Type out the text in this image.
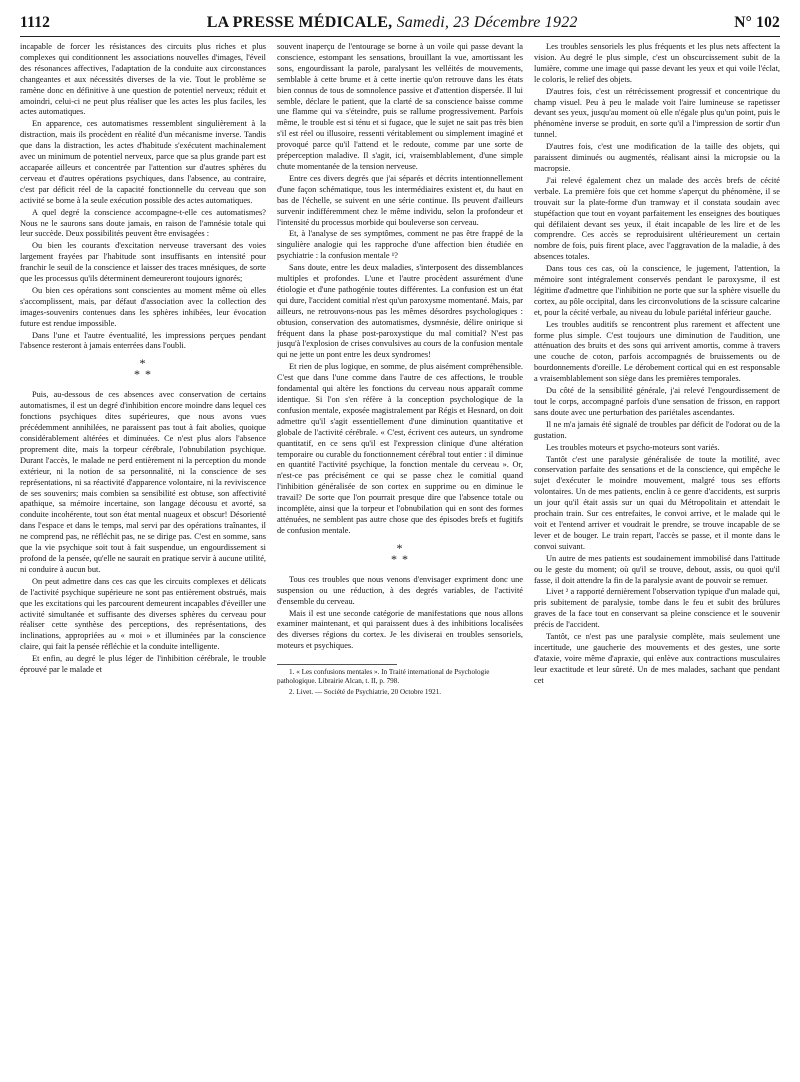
1112	LA PRESSE MÉDICALE, Samedi, 23 Décembre 1922	N° 102

incapable de forcer les résistances des circuits plus riches et plus complexes qui conditionnent les associations nouvelles d'images, l'éveil des résonances affectives, l'adaptation de la conduite aux circonstances changeantes et aux nécessités diverses de la vie. Tout le problème se ramène donc en définitive à une question de potentiel nerveux; réduit et amoindri, celui-ci ne peut plus réaliser que les actes les plus faciles, les actes automatiques.

En apparence, ces automatismes ressemblent singulièrement à la distraction, mais ils procèdent en réalité d'un mécanisme inverse. Tandis que dans la distraction, les actes d'habitude s'exécutent machinalement avec un minimum de potentiel nerveux, parce que sa plus grande part est accaparée ailleurs et concentrée par l'attention sur d'autres sphères du cerveau et d'autres opérations psychiques, dans l'absence, au contraire, c'est par déficit réel de la capacité fonctionnelle du cerveau que son activité se borne à la seule exécution possible des actes automatiques.

A quel degré la conscience accompagne-t-elle ces automatismes? Nous ne le saurons sans doute jamais, en raison de l'amnésie totale qui leur succède. Deux possibilités peuvent être envisagées :

Ou bien les courants d'excitation nerveuse traversant des voies largement frayées par l'habitude sont insuffisants en intensité pour franchir le seuil de la conscience et laisser des traces mnésiques, de sorte que les processus qu'ils déterminent demeureront toujours ignorés;

Ou bien ces opérations sont conscientes au moment même où elles s'accomplissent, mais, par défaut d'association avec la collection des images-souvenirs contenues dans les sphères inhibées, leur évocation future est rendue impossible.

Dans l'une et l'autre éventualité, les impressions perçues pendant l'absence resteront à jamais enterrées dans l'oubli.

*
* *

Puis, au-dessous de ces absences avec conservation de certains automatismes, il est un degré d'inhibition encore moindre dans lequel ces fonctions psychiques dites supérieures, que nous avons vues précédemment annihilées, ne paraissent pas tout à fait abolies, quoique considérablement altérées et diminuées. Ce n'est plus alors l'absence proprement dite, mais la torpeur cérébrale, l'obnubilation psychique. Durant l'accès, le malade ne perd entièrement ni la perception du monde extérieur, ni la notion de sa personnalité, ni la conscience de ses représentations, ni sa réactivité d'apparence volontaire, ni la reviviscence de ses souvenirs; mais combien sa sensibilité est obtuse, son affectivité apathique, sa mémoire incertaine, son langage décousu et avorté, sa conduite incohérente, tout son état mental nuageux et obscur! Désorienté dans l'espace et dans le temps, mal servi par des opérations traînantes, il ne comprend pas, ne réfléchit pas, ne se dirige pas. C'est en somme, sans que la vie psychique soit tout à fait suspendue, un engourdissement si profond de la pensée, qu'elle ne saurait en pratique servir à aucune utilité, ni conduire à aucun but.

On peut admettre dans ces cas que les circuits complexes et délicats de l'activité psychique supérieure ne sont pas entièrement obstrués, mais que les excitations qui les parcourent demeurent incapables d'éveiller une activité simultanée et suffisante des diverses sphères du cerveau pour réaliser cette synthèse des perceptions, des représentations, des inclinations, appropriées au « moi » et illuminées par la conscience claire, qui fait la pensée réfléchie et la conduite intelligente.

Et enfin, au degré le plus léger de l'inhibition cérébrale, le trouble éprouvé par le malade et

souvent inaperçu de l'entourage se borne à un voile qui passe devant la conscience, estompant les sensations, brouillant la vue, amortissant les sons, engourdissant la parole, paralysant les velléités de mouvements, semblable à cette brume et à cette inertie qu'on retrouve dans les états bien connus de tous de somnolence passive et d'attention dispersée. Il lui semble, déclare le patient, que la clarté de sa conscience baisse comme une flamme qui va s'éteindre, puis se rallume progressivement. Parfois même, le trouble est si ténu et si fugace, que le sujet ne sait pas très bien s'il est réel ou illusoire, ressenti véritablement ou simplement imaginé et provoqué parce qu'il l'attend et le redoute, comme par une sorte de préperception maladive. Il s'agit, ici, vraisemblablement, d'une simple chute momentanée de la tension nerveuse.

Entre ces divers degrés que j'ai séparés et décrits intentionnellement d'une façon schématique, tous les intermédiaires existent et, du haut en bas de l'échelle, se suivent en une série continue. Ils peuvent d'ailleurs survenir indifféremment chez le même individu, selon la profondeur et l'intensité du processus morbide qui bouleverse son cerveau.

Et, à l'analyse de ses symptômes, comment ne pas être frappé de la singulière analogie qui les rapproche d'une affection bien étudiée en psychiatrie : la confusion mentale ¹?

Sans doute, entre les deux maladies, s'interposent des dissemblances multiples et profondes. L'une et l'autre procèdent assurément d'une étiologie et d'une pathogénie toutes différentes. La confusion est un état qui dure, l'accident comitial n'est qu'un paroxysme momentané. Mais, par ailleurs, ne retrouvons-nous pas les mêmes désordres psychologiques : obtusion, conservation des automatismes, dysmnésie, délire onirique si fréquent dans la phase post-paroxystique du mal comitial? N'est pas jusqu'à l'explosion de crises convulsives au cours de la confusion mentale qui ne jette un pont entre les deux syndromes!

Et rien de plus logique, en somme, de plus aisément compréhensible. C'est que dans l'une comme dans l'autre de ces affections, le trouble fondamental qui altère les fonctions du cerveau nous apparaît comme identique. Si l'on s'en réfère à la conception psychologique de la confusion mentale, exposée magistralement par Régis et Hesnard, on doit admettre qu'il s'agit essentiellement d'une diminution quantitative et globale de l'activité cérébrale. « C'est, écrivent ces auteurs, un syndrome quantitatif, en ce sens qu'il est l'expression clinique d'une altération temporaire ou curable du fonctionnement cérébral tout entier : il diminue en quantité l'activité psychique, la fonction mentale du cerveau ». Or, n'est-ce pas précisément ce qui se passe chez le comitial quand l'inhibition généralisée de son cortex en supprime ou en diminue le travail? De sorte que l'on pourrait presque dire que l'absence totale ou incomplète, ainsi que la torpeur et l'obnubilation qui en sont des formes atténuées, ne semblent pas autre chose que des épisodes brefs et fugitifs de confusion mentale.

*
* *

Tous ces troubles que nous venons d'envisager expriment donc une suspension ou une réduction, à des degrés variables, de l'activité d'ensemble du cerveau.

Mais il est une seconde catégorie de manifestations que nous allons examiner maintenant, et qui paraissent dues à des inhibitions localisées des diverses régions du cortex. Je les diviserai en troubles sensoriels, moteurs et psychiques.

1. « Les confusions mentales ». In Traité international de Psychologie pathologique. Librairie Alcan, t. II, p. 798.

2. Livet. — Société de Psychiatrie, 20 Octobre 1921.

Les troubles sensoriels les plus fréquents et les plus nets affectent la vision. Au degré le plus simple, c'est un obscurcissement subit de la lumière, comme une image qui passe devant les yeux et qui voile l'éclat, le coloris, le relief des objets.

D'autres fois, c'est un rétrécissement progressif et concentrique du champ visuel. Peu à peu le malade voit l'aire lumineuse se rapetisser devant ses yeux, jusqu'au moment où elle n'égale plus qu'un point, puis le phénomène inverse se produit, en sorte qu'il a l'impression de sortir d'un tunnel.

D'autres fois, c'est une modification de la taille des objets, qui paraissent diminués ou augmentés, réalisant ainsi la micropsie ou la macropsie.

J'ai relevé également chez un malade des accès brefs de cécité verbale. La première fois que cet homme s'aperçut du phénomène, il se trouvait sur la plate-forme d'un tramway et il constata soudain avec stupéfaction que tout en voyant parfaitement les enseignes des boutiques qui défilaient devant ses yeux, il était incapable de les lire et de les comprendre. Ces accès se reproduisirent ultérieurement un certain nombre de fois, puis firent place, avec l'aggravation de la maladie, à des absences totales.

Dans tous ces cas, où la conscience, le jugement, l'attention, la mémoire sont intégralement conservés pendant le paroxysme, il est légitime d'admettre que l'inhibition ne porte que sur la sphère visuelle du cortex, au pôle occipital, dans les circonvolutions de la scissure calcarine et, pour la cécité verbale, au niveau du lobule pariétal inférieur gauche.

Les troubles auditifs se rencontrent plus rarement et affectent une forme plus simple. C'est toujours une diminution de l'audition, une atténuation des bruits et des sons qui arrivent amortis, comme à travers une couche de coton, parfois accompagnés de bruissements ou de bourdonnements d'oreille. Le dérobement cortical qui en est responsable a vraisemblablement son siège dans les premières temporales.

Du côté de la sensibilité générale, j'ai relevé l'engourdissement de tout le corps, accompagné parfois d'une sensation de frisson, en rapport sans doute avec une perturbation des pariétales ascendantes.

Il ne m'a jamais été signalé de troubles par déficit de l'odorat ou de la gustation.

Les troubles moteurs et psycho-moteurs sont variés.

Tantôt c'est une paralysie généralisée de toute la motilité, avec conservation parfaite des sensations et de la conscience, qui empêche le sujet d'exécuter le moindre mouvement, malgré tous ses efforts volontaires. Un de mes patients, enclin à ce genre d'accidents, est surpris un jour qu'il était assis sur un quai du Métropolitain et attendait le prochain train. Sur ces entrefaites, le convoi arrive, et le malade qui le voit et l'entend arriver et voudrait le prendre, se trouve incapable de se lever et de bouger. Le train repart, l'accès se passe, et il monte dans le convoi suivant.

Un autre de mes patients est soudainement immobilisé dans l'attitude ou le geste du moment; où qu'il se trouve, debout, assis, ou quoi qu'il fasse, il doit attendre la fin de la paralysie avant de pouvoir se remuer.

Livet ² a rapporté dernièrement l'observation typique d'un malade qui, pris subitement de paralysie, tombe dans le feu et subit des brûlures graves de la face tout en conservant sa pleine conscience et le souvenir précis de l'accident.

Tantôt, ce n'est pas une paralysie complète, mais seulement une incertitude, une gaucherie des mouvements et des gestes, une sorte d'ataxie, voire même d'apraxie, qui enlève aux contractions musculaires leur exactitude et leur sûreté. Un de mes malades, sachant que pendant cet
